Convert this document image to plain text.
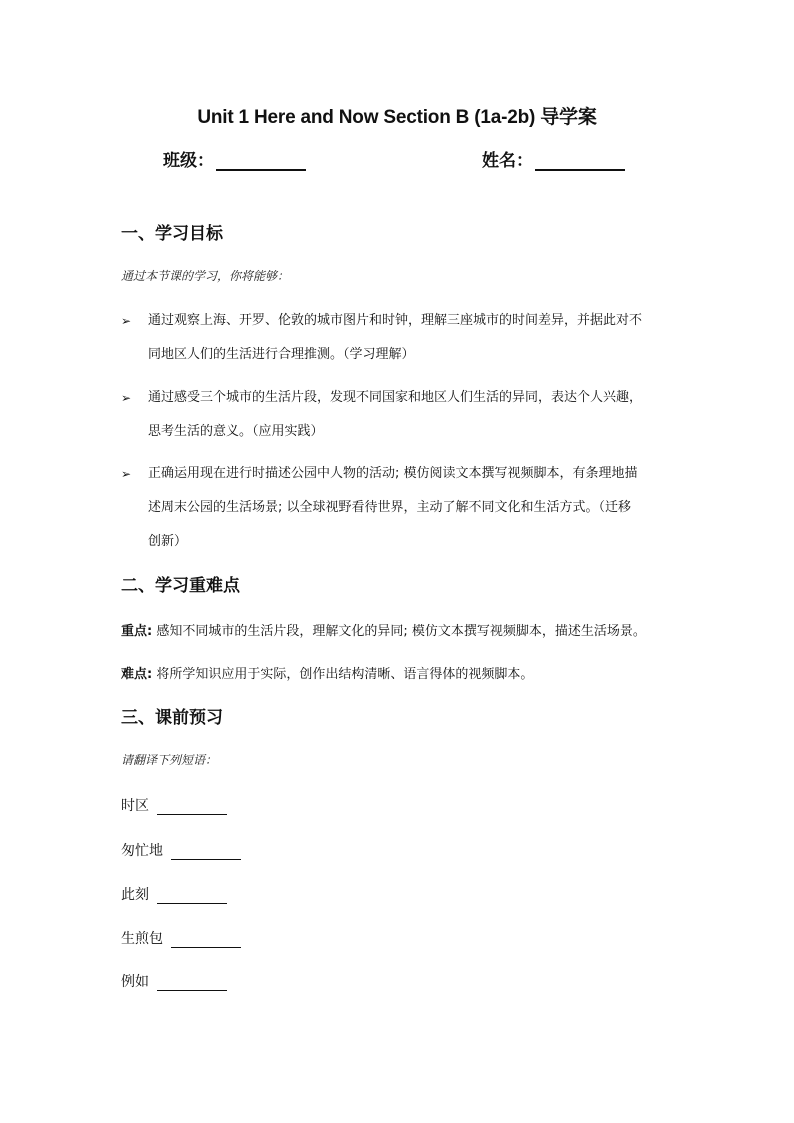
Unit 1 Here and Now Section B (1a-2b) 导学案
班级：	姓名：
一、学习目标
通过本节课的学习，你将能够：
➢ 通过观察上海、开罗、伦敦的城市图片和时钟，理解三座城市的时间差异，并据此对不
同地区人们的生活进行合理推测。（学习理解）
➢ 通过感受三个城市的生活片段，发现不同国家和地区人们生活的异同，表达个人兴趣，
思考生活的意义。（应用实践）
➢ 正确运用现在进行时描述公园中人物的活动; 模仿阅读文本撰写视频脚本，有条理地描
述周末公园的生活场景; 以全球视野看待世界，主动了解不同文化和生活方式。（迁移
创新）
二、学习重难点
重点: 感知不同城市的生活片段，理解文化的异同; 模仿文本撰写视频脚本，描述生活场景。
难点: 将所学知识应用于实际，创作出结构清晰、语言得体的视频脚本。
三、课前预习
请翻译下列短语：
时区
匆忙地
此刻
生煎包
例如
